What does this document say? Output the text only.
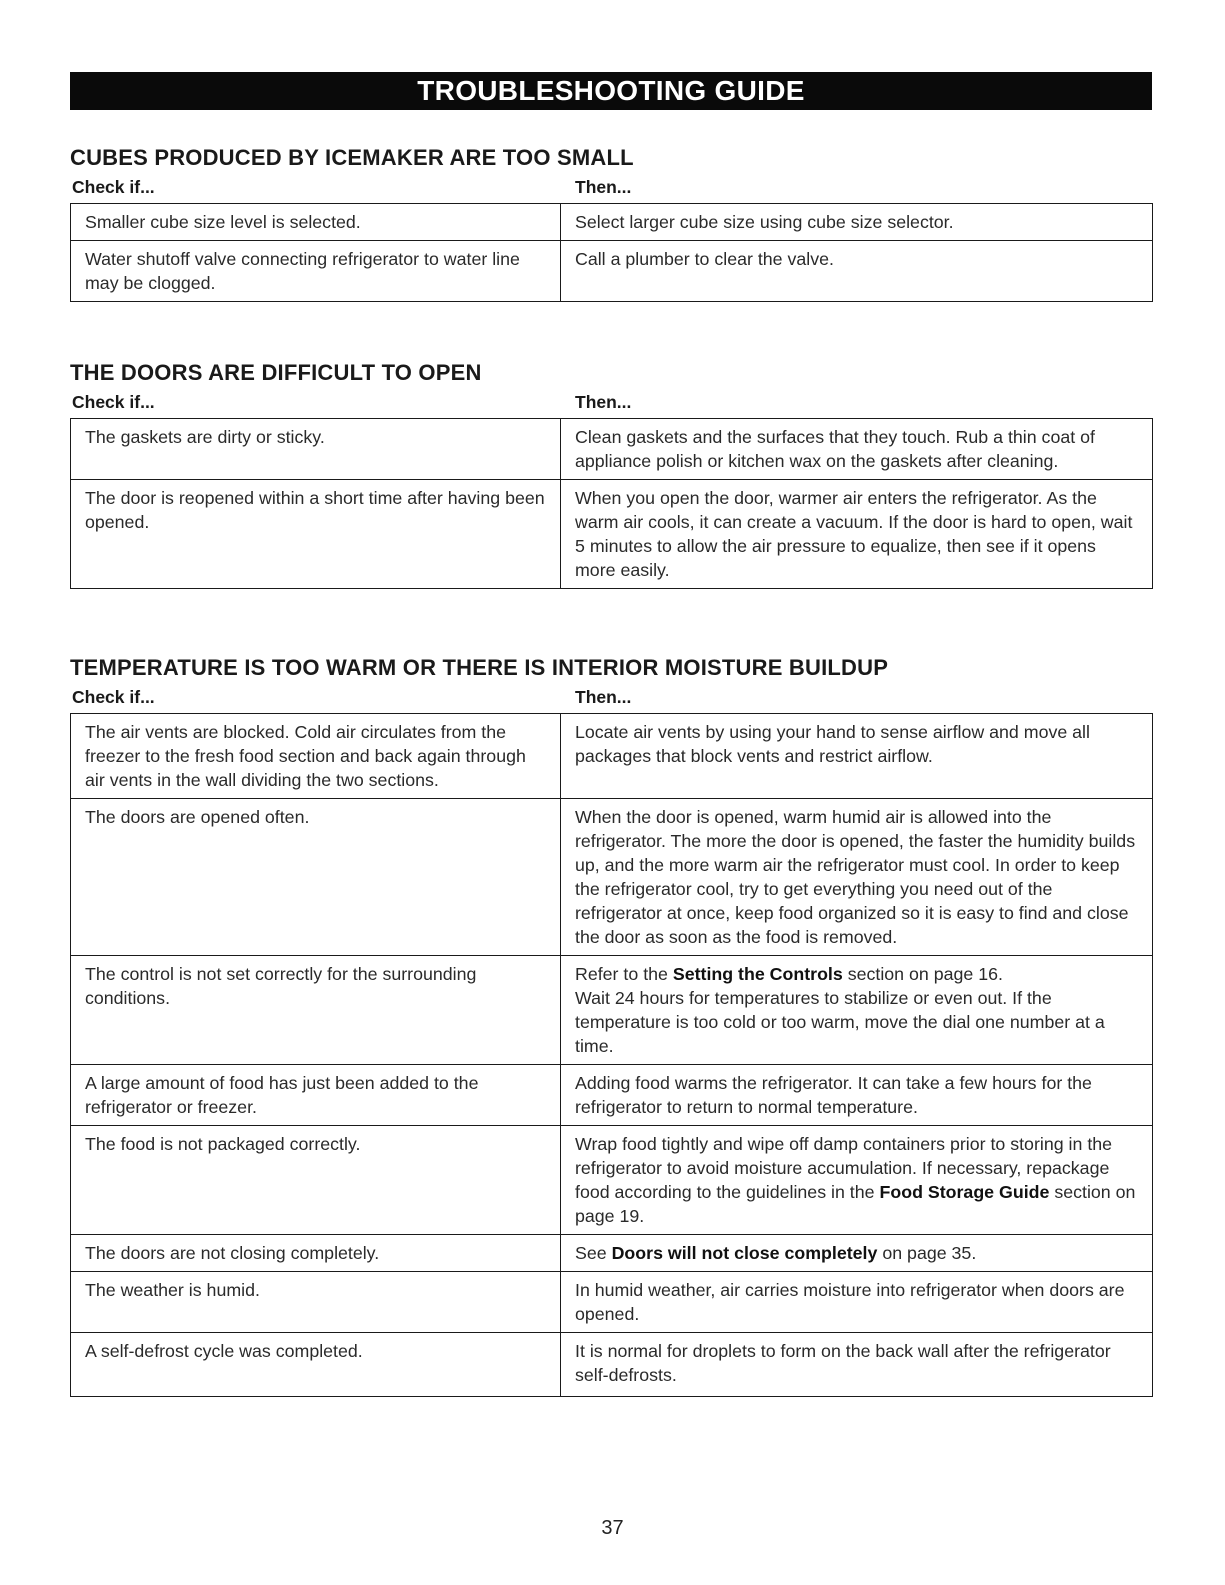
TROUBLESHOOTING GUIDE
CUBES PRODUCED BY ICEMAKER ARE TOO SMALL
Check if...	Then...
Smaller cube size level is selected.	Select larger cube size using cube size selector.
Water shutoff valve connecting refrigerator to water line may be clogged.	Call a plumber to clear the valve.
THE DOORS ARE DIFFICULT TO OPEN
Check if...	Then...
The gaskets are dirty or sticky.	Clean gaskets and the surfaces that they touch. Rub a thin coat of appliance polish or kitchen wax on the gaskets after cleaning.
The door is reopened within a short time after having been opened.	When you open the door, warmer air enters the refrigerator. As the warm air cools, it can create a vacuum. If the door is hard to open, wait 5 minutes to allow the air pressure to equalize, then see if it opens more easily.
TEMPERATURE IS TOO WARM OR THERE IS INTERIOR MOISTURE BUILDUP
Check if...	Then...
The air vents are blocked. Cold air circulates from the freezer to the fresh food section and back again through air vents in the wall dividing the two sections.	Locate air vents by using your hand to sense airflow and move all packages that block vents and restrict airflow.
The doors are opened often.	When the door is opened, warm humid air is allowed into the refrigerator. The more the door is opened, the faster the humidity builds up, and the more warm air the refrigerator must cool. In order to keep the refrigerator cool, try to get everything you need out of the refrigerator at once, keep food organized so it is easy to find and close the door as soon as the food is removed.
The control is not set correctly for the surrounding conditions.	Refer to the Setting the Controls section on page 16.
Wait 24 hours for temperatures to stabilize or even out. If the temperature is too cold or too warm, move the dial one number at a time.
A large amount of food has just been added to the refrigerator or freezer.	Adding food warms the refrigerator. It can take a few hours for the refrigerator to return to normal temperature.
The food is not packaged correctly.	Wrap food tightly and wipe off damp containers prior to storing in the refrigerator to avoid moisture accumulation. If necessary, repackage food according to the guidelines in the Food Storage Guide section on page 19.
The doors are not closing completely.	See Doors will not close completely on page 35.
The weather is humid.	In humid weather, air carries moisture into refrigerator when doors are opened.
A self-defrost cycle was completed.	It is normal for droplets to form on the back wall after the refrigerator self-defrosts.
37
